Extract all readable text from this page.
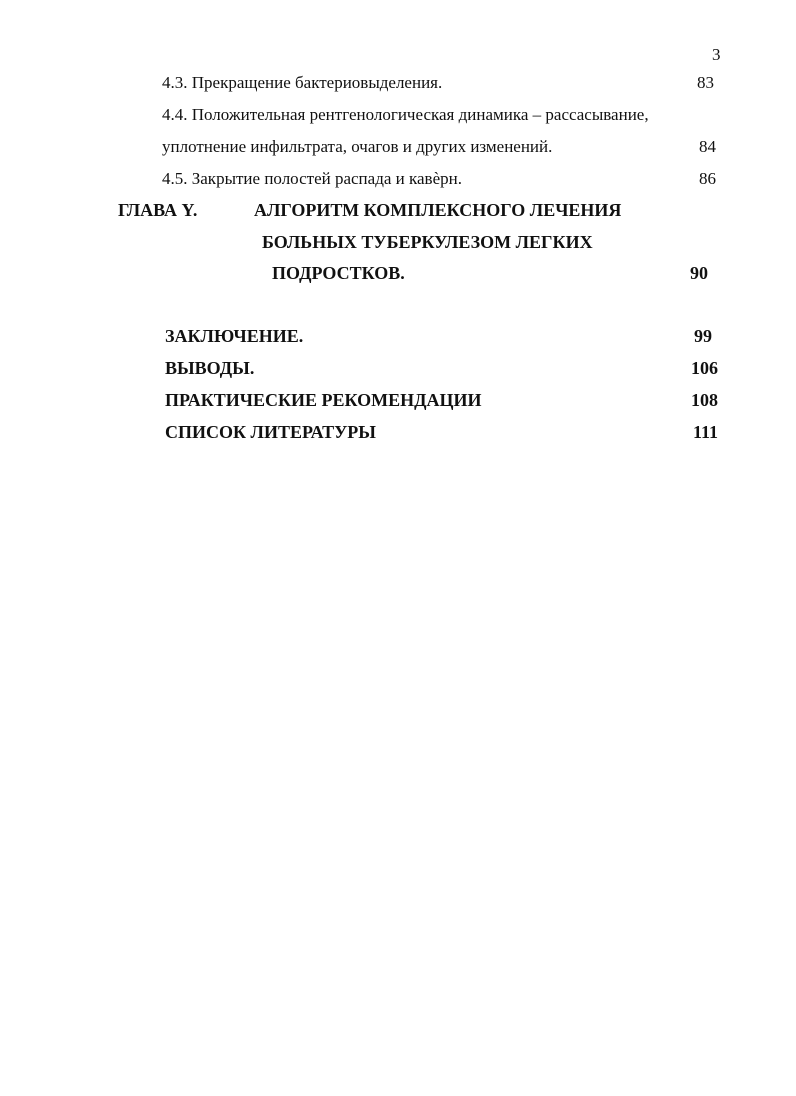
3
4.3. Прекращение бактериовыделения.	83
4.4. Положительная рентгенологическая динамика – рассасывание,
уплотнение инфильтрата, очагов и других изменений.	84
4.5. Закрытие полостей распада и кавѐрн.	86
ГЛАВА Y.	АЛГОРИТМ КОМПЛЕКСНОГО ЛЕЧЕНИЯ
БОЛЬНЫХ ТУБЕРКУЛЕЗОМ ЛЕГКИХ
ПОДРОСТКОВ.	90
ЗАКЛЮЧЕНИЕ.	99
ВЫВОДЫ.	106
ПРАКТИЧЕСКИЕ РЕКОМЕНДАЦИИ	108
СПИСОК ЛИТЕРАТУРЫ	111
